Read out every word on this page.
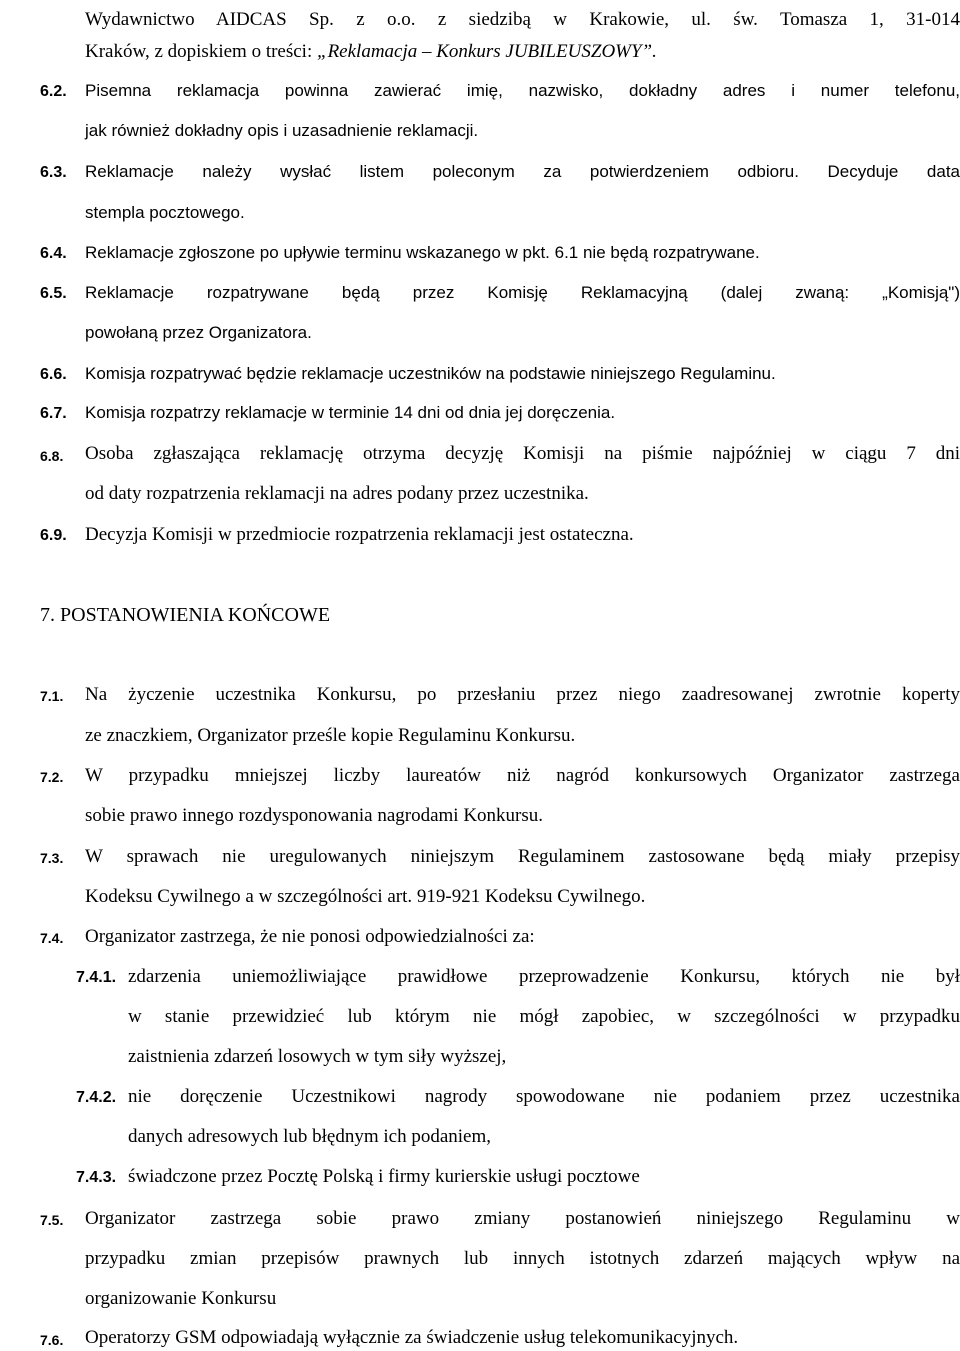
Wydawnictwo AIDCAS Sp. z o.o. z siedzibą w Krakowie, ul. św. Tomasza 1, 31-014
Kraków, z dopiskiem o treści: „Reklamacja – Konkurs JUBILEUSZOWY”.
6.2. Pisemna reklamacja powinna zawierać imię, nazwisko, dokładny adres i numer telefonu,
jak również dokładny opis i uzasadnienie reklamacji.
6.3. Reklamacje należy wysłać listem poleconym za potwierdzeniem odbioru. Decyduje data
stempla pocztowego.
6.4. Reklamacje zgłoszone po upływie terminu wskazanego w pkt. 6.1 nie będą rozpatrywane.
6.5. Reklamacje rozpatrywane będą przez Komisję Reklamacyjną (dalej zwaną: „Komisją")
powołaną przez Organizatora.
6.6. Komisja rozpatrywać będzie reklamacje uczestników na podstawie niniejszego Regulaminu.
6.7. Komisja rozpatrzy reklamacje w terminie 14 dni od dnia jej doręczenia.
6.8. Osoba zgłaszająca reklamację otrzyma decyzję Komisji na piśmie najpóźniej w ciągu 7 dni
od daty rozpatrzenia reklamacji na adres podany przez uczestnika.
6.9. Decyzja Komisji w przedmiocie rozpatrzenia reklamacji jest ostateczna.
7. POSTANOWIENIA KOŃCOWE
7.1. Na życzenie uczestnika Konkursu, po przesłaniu przez niego zaadresowanej zwrotnie koperty
ze znaczkiem, Organizator prześle kopie Regulaminu Konkursu.
7.2. W przypadku mniejszej liczby laureatów niż nagród konkursowych Organizator zastrzega
sobie prawo innego rozdysponowania nagrodami Konkursu.
7.3. W sprawach nie uregulowanych niniejszym Regulaminem zastosowane będą miały przepisy
Kodeksu Cywilnego a w szczególności art. 919-921 Kodeksu Cywilnego.
7.4. Organizator zastrzega, że nie ponosi odpowiedzialności za:
7.4.1. zdarzenia uniemożliwiające prawidłowe przeprowadzenie Konkursu, których nie był
w stanie przewidzieć lub którym nie mógł zapobiec, w szczególności w przypadku
zaistnienia zdarzeń losowych w tym siły wyższej,
7.4.2. nie doręczenie Uczestnikowi nagrody spowodowane nie podaniem przez uczestnika
danych adresowych lub błędnym ich podaniem,
7.4.3. świadczone przez Pocztę Polską i firmy kurierskie usługi pocztowe
7.5. Organizator zastrzega sobie prawo zmiany postanowień niniejszego Regulaminu w
przypadku zmian przepisów prawnych lub innych istotnych zdarzeń mających wpływ na
organizowanie Konkursu
7.6. Operatorzy GSM odpowiadają wyłącznie za świadczenie usług telekomunikacyjnych.
